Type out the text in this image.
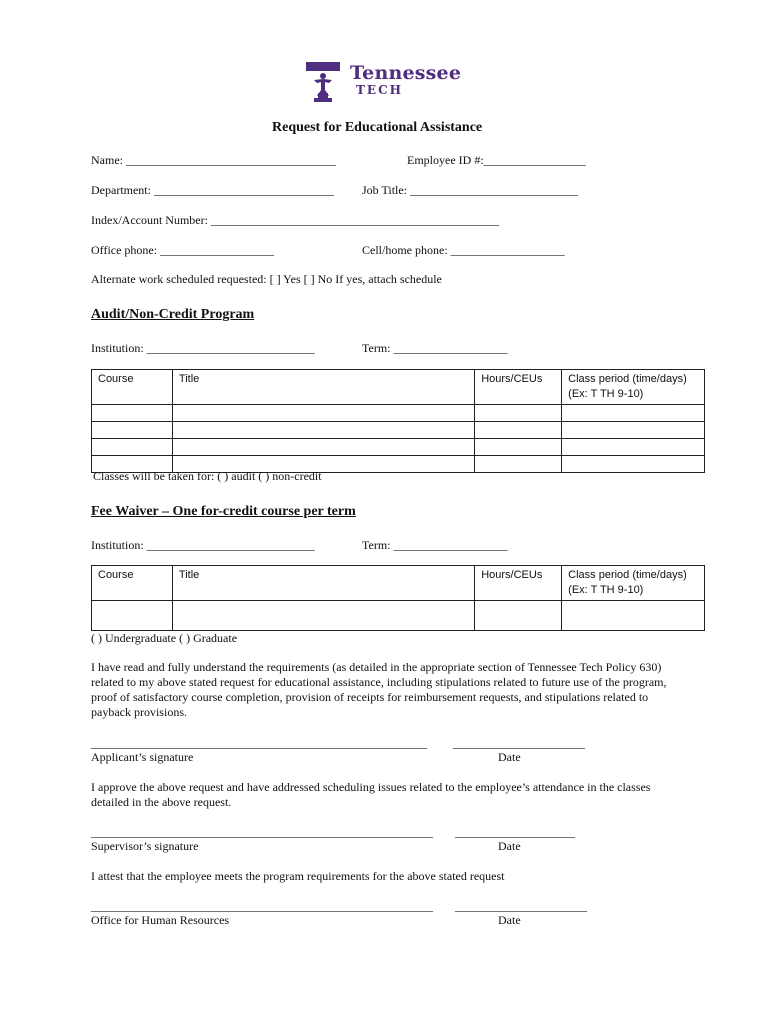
Tennessee
TECH
Request for Educational Assistance
Name: ___________________________________	Employee ID #:_________________
Department: ______________________________ Job Title: ____________________________
Index/Account Number: ________________________________________________
Office phone: ___________________	Cell/home phone: ___________________
Alternate work scheduled requested: [ ] Yes [ ] No If yes, attach schedule
Audit/Non-Credit Program
Institution: ____________________________	Term: ___________________
Course	Title	Hours/CEUs	Class period (time/days)
(Ex: T TH 9-10)

Classes will be taken for: ( ) audit ( ) non-credit
Fee Waiver – One for-credit course per term
Institution: ____________________________	Term: ___________________
Course	Title	Hours/CEUs	Class period (time/days)
(Ex: T TH 9-10)

( ) Undergraduate ( ) Graduate
I have read and fully understand the requirements (as detailed in the appropriate section of Tennessee Tech Policy 630) related to my above stated request for educational assistance, including stipulations related to future use of the program, proof of satisfactory course completion, provision of receipts for reimbursement requests, and stipulations related to payback provisions.
________________________________________________________ ______________________
Applicant’s signature	Date
I approve the above request and have addressed scheduling issues related to the employee’s attendance in the classes detailed in the above request.
_________________________________________________________ ____________________
Supervisor’s signature	Date
I attest that the employee meets the program requirements for the above stated request
_________________________________________________________ ______________________
Office for Human Resources	Date
